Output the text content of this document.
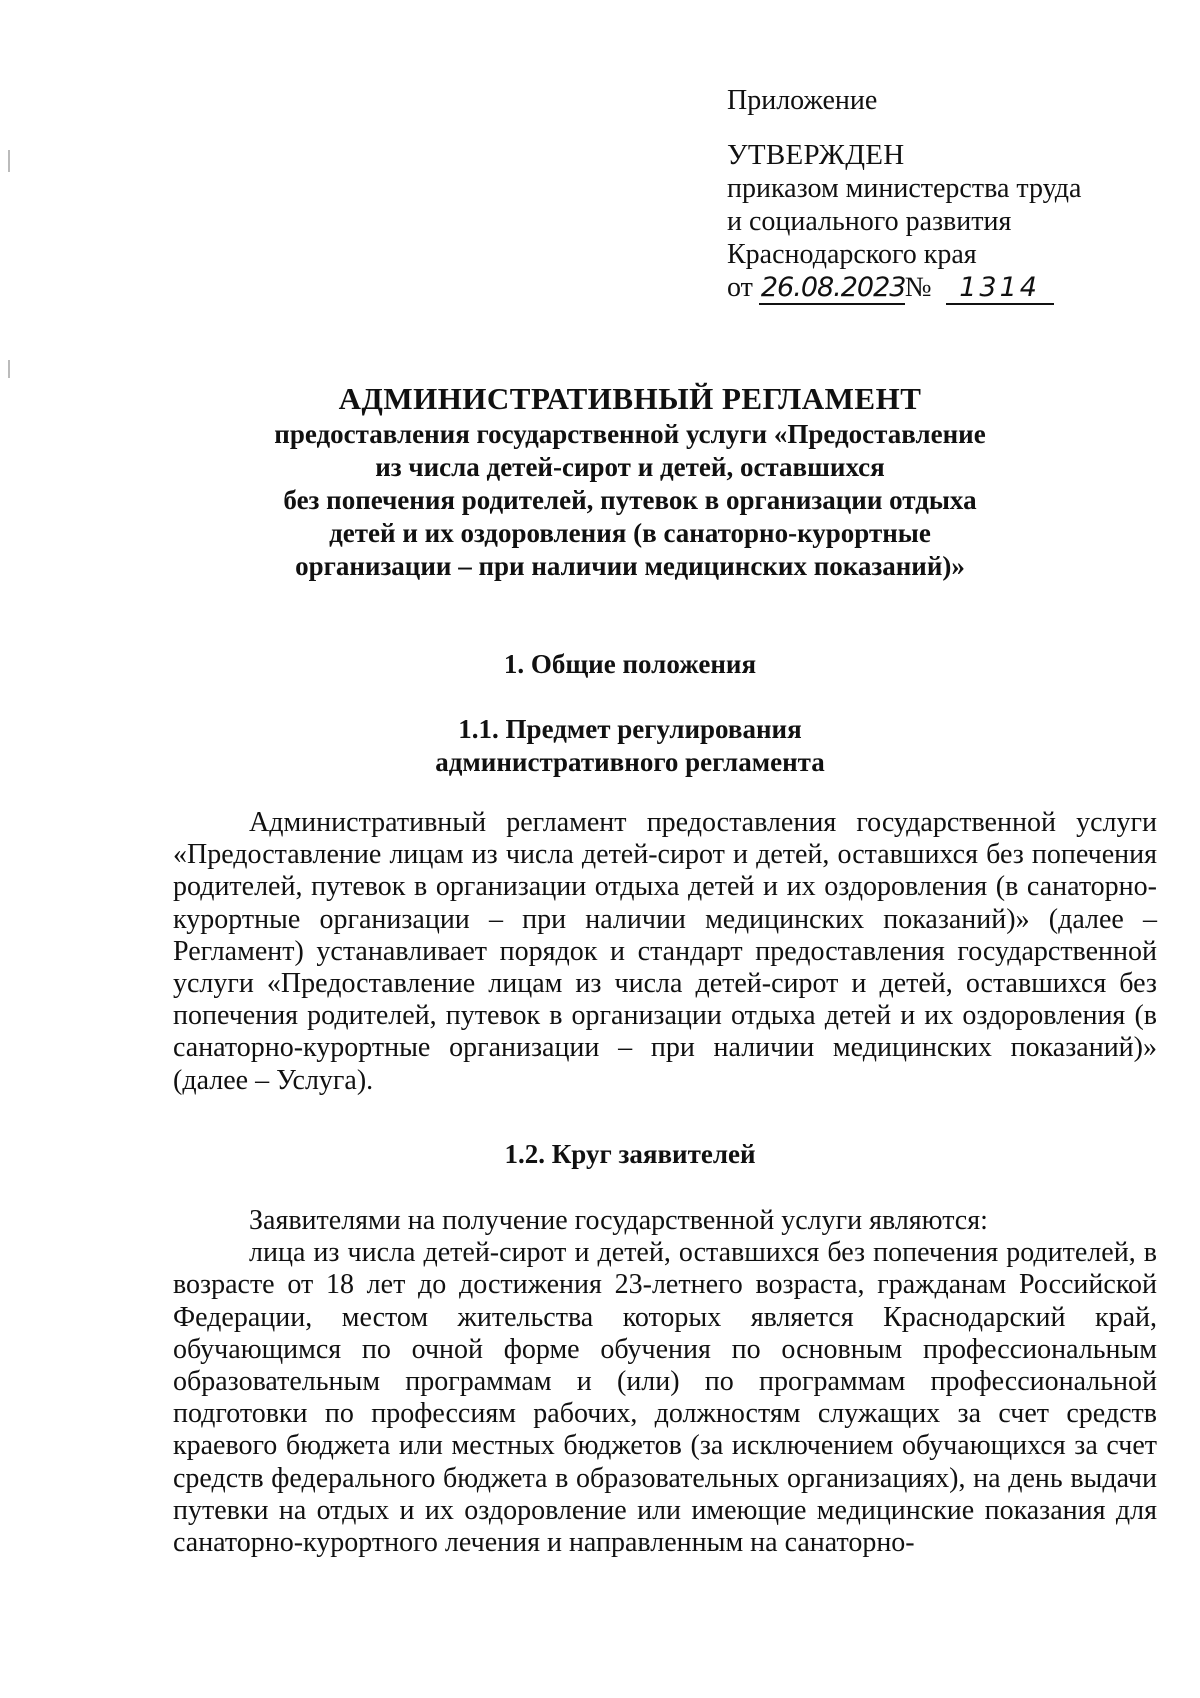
Приложение
УТВЕРЖДЕН
приказом министерства труда
и социального развития
Краснодарского края
от 26.08.2023 №	1314
АДМИНИСТРАТИВНЫЙ РЕГЛАМЕНТ
предоставления государственной услуги «Предоставление
из числа детей-сирот и детей, оставшихся
без попечения родителей, путевок в организации отдыха
детей и их оздоровления (в санаторно-курортные
организации – при наличии медицинских показаний)»
1. Общие положения
1.1. Предмет регулирования
административного регламента

Административный регламент предоставления государственной услуги «Предоставление лицам из числа детей-сирот и детей, оставшихся без попечения родителей, путевок в организации отдыха детей и их оздоровления (в санаторно-курортные организации – при наличии медицинских показаний)» (далее – Регламент) устанавливает порядок и стандарт предоставления государственной услуги «Предоставление лицам из числа детей-сирот и детей, оставшихся без попечения родителей, путевок в организации отдыха детей и их оздоровления (в санаторно-курортные организации – при наличии медицинских показаний)» (далее – Услуга).

1.2. Круг заявителей

Заявителями на получение государственной услуги являются:

лица из числа детей-сирот и детей, оставшихся без попечения родителей, в возрасте от 18 лет до достижения 23-летнего возраста, гражданам Российской Федерации, местом жительства которых является Краснодарский край, обучающимся по очной форме обучения по основным профессиональным образовательным программам и (или) по программам профессиональной подготовки по профессиям рабочих, должностям служащих за счет средств краевого бюджета или местных бюджетов (за исключением обучающихся за счет средств федерального бюджета в образовательных организациях), на день выдачи путевки на отдых и их оздоровление или имеющие медицинские показания для санаторно-курортного лечения и направленным на санаторно-
